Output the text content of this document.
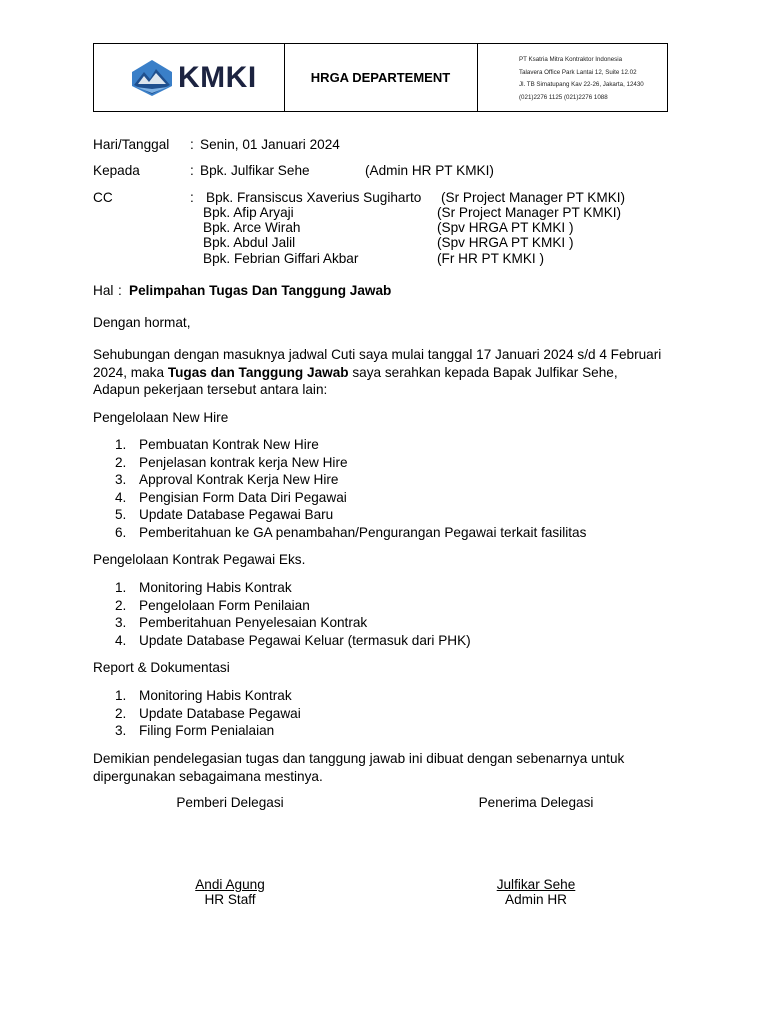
KMKI	HRGA DEPARTEMENT
PT Ksatria Mitra Kontraktor Indonesia
Talavera Office Park Lantai 12, Suite 12.02
Jl. TB Simatupang Kav 22-26, Jakarta, 12430
(021)2276 1125 (021)2276 1088
Hari/Tanggal : Senin, 01 Januari 2024
Kepada	: Bpk. Julfikar Sehe	(Admin HR PT KMKI)
CC	: Bpk. Fransiscus Xaverius Sugiharto (Sr Project Manager PT KMKI)
Bpk. Afip Aryaji	(Sr Project Manager PT KMKI)
Bpk. Arce Wirah	(Spv HRGA PT KMKI )
Bpk. Abdul Jalil	(Spv HRGA PT KMKI )
Bpk. Febrian Giffari Akbar	(Fr HR PT KMKI )
Hal : Pelimpahan Tugas Dan Tanggung Jawab
Dengan hormat,
Sehubungan dengan masuknya jadwal Cuti saya mulai tanggal 17 Januari 2024 s/d 4 Februari 2024, maka Tugas dan Tanggung Jawab saya serahkan kepada Bapak Julfikar Sehe, Adapun pekerjaan tersebut antara lain:
Pengelolaan New Hire
1. Pembuatan Kontrak New Hire
2. Penjelasan kontrak kerja New Hire
3. Approval Kontrak Kerja New Hire
4. Pengisian Form Data Diri Pegawai
5. Update Database Pegawai Baru
6. Pemberitahuan ke GA penambahan/Pengurangan Pegawai terkait fasilitas
Pengelolaan Kontrak Pegawai Eks.
1. Monitoring Habis Kontrak
2. Pengelolaan Form Penilaian
3. Pemberitahuan Penyelesaian Kontrak
4. Update Database Pegawai Keluar (termasuk dari PHK)
Report & Dokumentasi
1. Monitoring Habis Kontrak
2. Update Database Pegawai
3. Filing Form Penialaian
Demikian pendelegasian tugas dan tanggung jawab ini dibuat dengan sebenarnya untuk dipergunakan sebagaimana mestinya.
Pemberi Delegasi	Penerima Delegasi
Andi Agung
HR Staff
Julfikar Sehe
Admin HR
